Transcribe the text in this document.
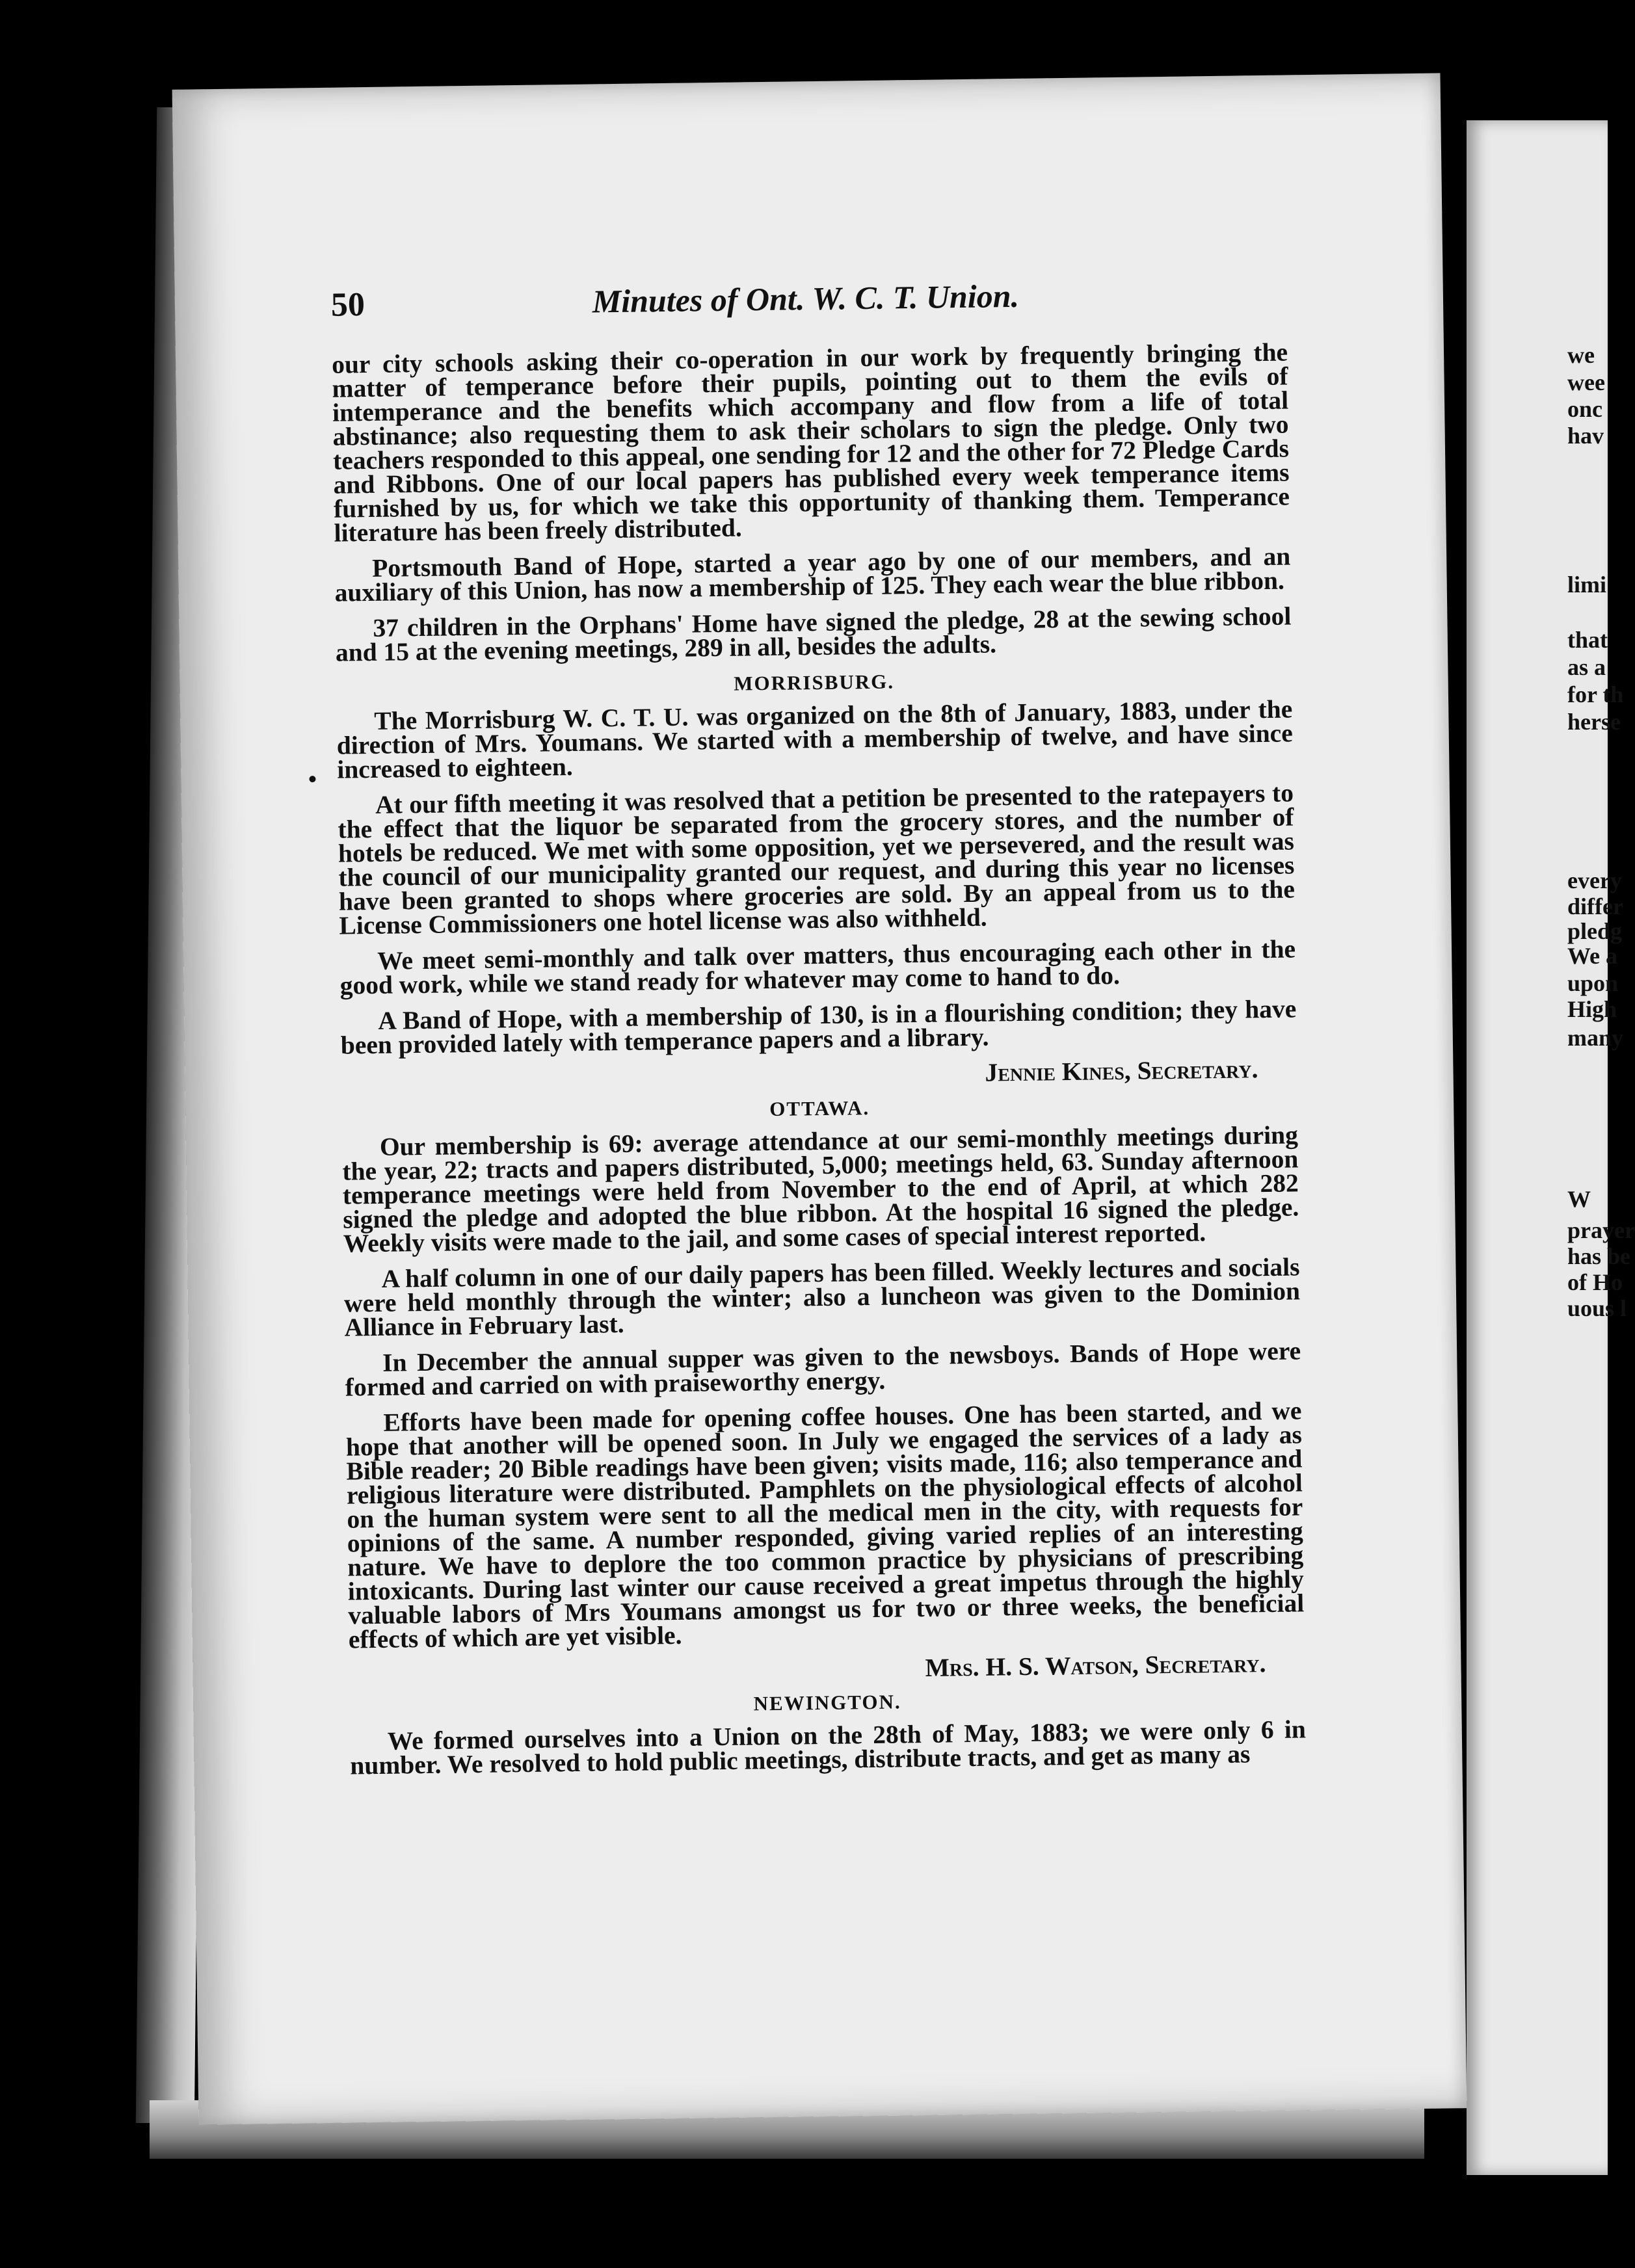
we

wee

onc

hav

limi

that

as a

for th

herse

every

differ

pledg

We a

upon

High

many

W

prayer

has be

of Ho

uous l

50	Minutes of Ont. W. C. T. Union.

our city schools asking their co-operation in our work by frequently bringing the matter of temperance before their pupils, pointing out to them the evils of intemperance and the benefits which accompany and flow from a life of total abstinance; also requesting them to ask their scholars to sign the pledge. Only two teachers responded to this appeal, one sending for 12 and the other for 72 Pledge Cards and Ribbons. One of our local papers has published every week temperance items furnished by us, for which we take this opportunity of thanking them. Temperance literature has been freely distributed.

Portsmouth Band of Hope, started a year ago by one of our members, and an auxiliary of this Union, has now a membership of 125. They each wear the blue ribbon.

37 children in the Orphans' Home have signed the pledge, 28 at the sewing school and 15 at the evening meetings, 289 in all, besides the adults.

MORRISBURG.

The Morrisburg W. C. T. U. was organized on the 8th of January, 1883, under the direction of Mrs. Youmans. We started with a membership of twelve, and have since increased to eighteen.

At our fifth meeting it was resolved that a petition be presented to the ratepayers to the effect that the liquor be separated from the grocery stores, and the number of hotels be reduced. We met with some opposition, yet we persevered, and the result was the council of our municipality granted our request, and during this year no licenses have been granted to shops where groceries are sold. By an appeal from us to the License Commissioners one hotel license was also withheld.

We meet semi-monthly and talk over matters, thus encouraging each other in the good work, while we stand ready for whatever may come to hand to do.

A Band of Hope, with a membership of 130, is in a flourishing condition; they have been provided lately with temperance papers and a library.

Jennie Kines, Secretary.
OTTAWA.

Our membership is 69: average attendance at our semi-monthly meetings during the year, 22; tracts and papers distributed, 5,000; meetings held, 63. Sunday afternoon temperance meetings were held from November to the end of April, at which 282 signed the pledge and adopted the blue ribbon. At the hospital 16 signed the pledge. Weekly visits were made to the jail, and some cases of special interest reported.

A half column in one of our daily papers has been filled. Weekly lectures and socials were held monthly through the winter; also a luncheon was given to the Dominion Alliance in February last.

In December the annual supper was given to the newsboys. Bands of Hope were formed and carried on with praiseworthy energy.

Efforts have been made for opening coffee houses. One has been started, and we hope that another will be opened soon. In July we engaged the services of a lady as Bible reader; 20 Bible readings have been given; visits made, 116; also temperance and religious literature were distributed. Pamphlets on the physiological effects of alcohol on the human system were sent to all the medical men in the city, with requests for opinions of the same. A number responded, giving varied replies of an interesting nature. We have to deplore the too common practice by physicians of prescribing intoxicants. During last winter our cause received a great impetus through the highly valuable labors of Mrs Youmans amongst us for two or three weeks, the beneficial effects of which are yet visible.

Mrs. H. S. Watson, Secretary.
NEWINGTON.

We formed ourselves into a Union on the 28th of May, 1883; we were only 6 in number. We resolved to hold public meetings, distribute tracts, and get as many as
